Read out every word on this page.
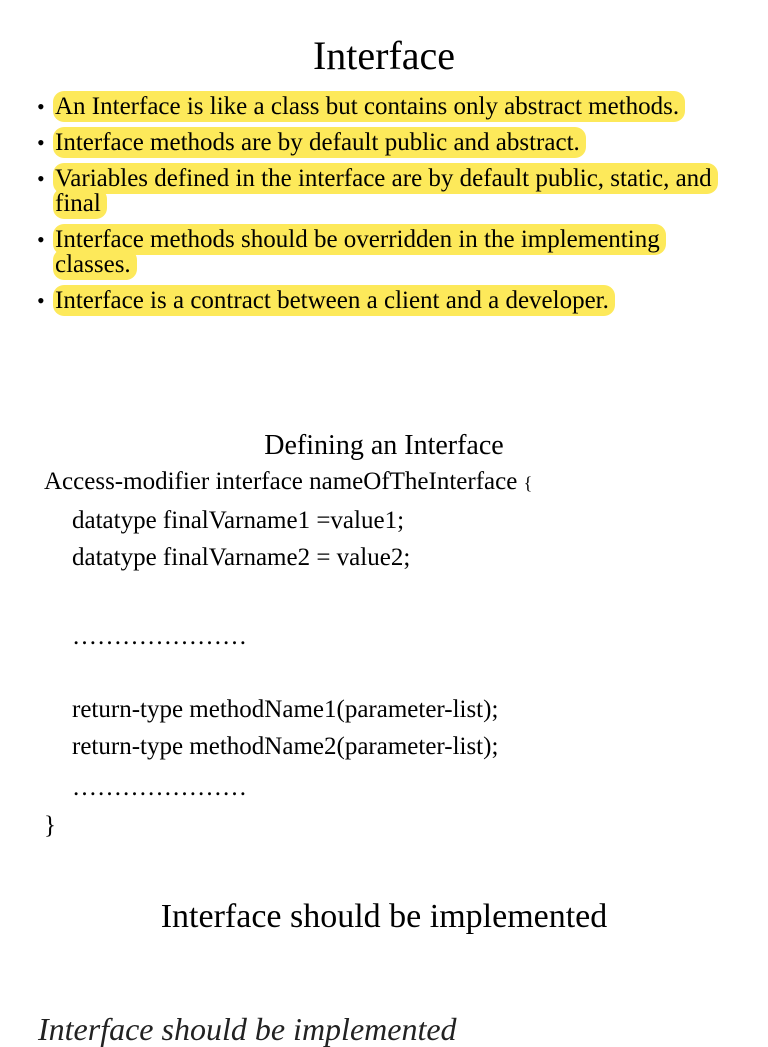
Interface
• An Interface is like a class but contains only abstract methods.
• Interface methods are by default public and abstract.
• Variables defined in the interface are by default public, static, and final
• Interface methods should be overridden in the implementing classes.
• Interface is a contract between a client and a developer.
Defining an Interface
Access-modifier interface nameOfTheInterface {
datatype finalVarname1 =value1;
datatype finalVarname2 = value2;
…………………
return-type methodName1(parameter-list);
return-type methodName2(parameter-list);
…………………
}
Interface should be implemented
Interface should be implemented
